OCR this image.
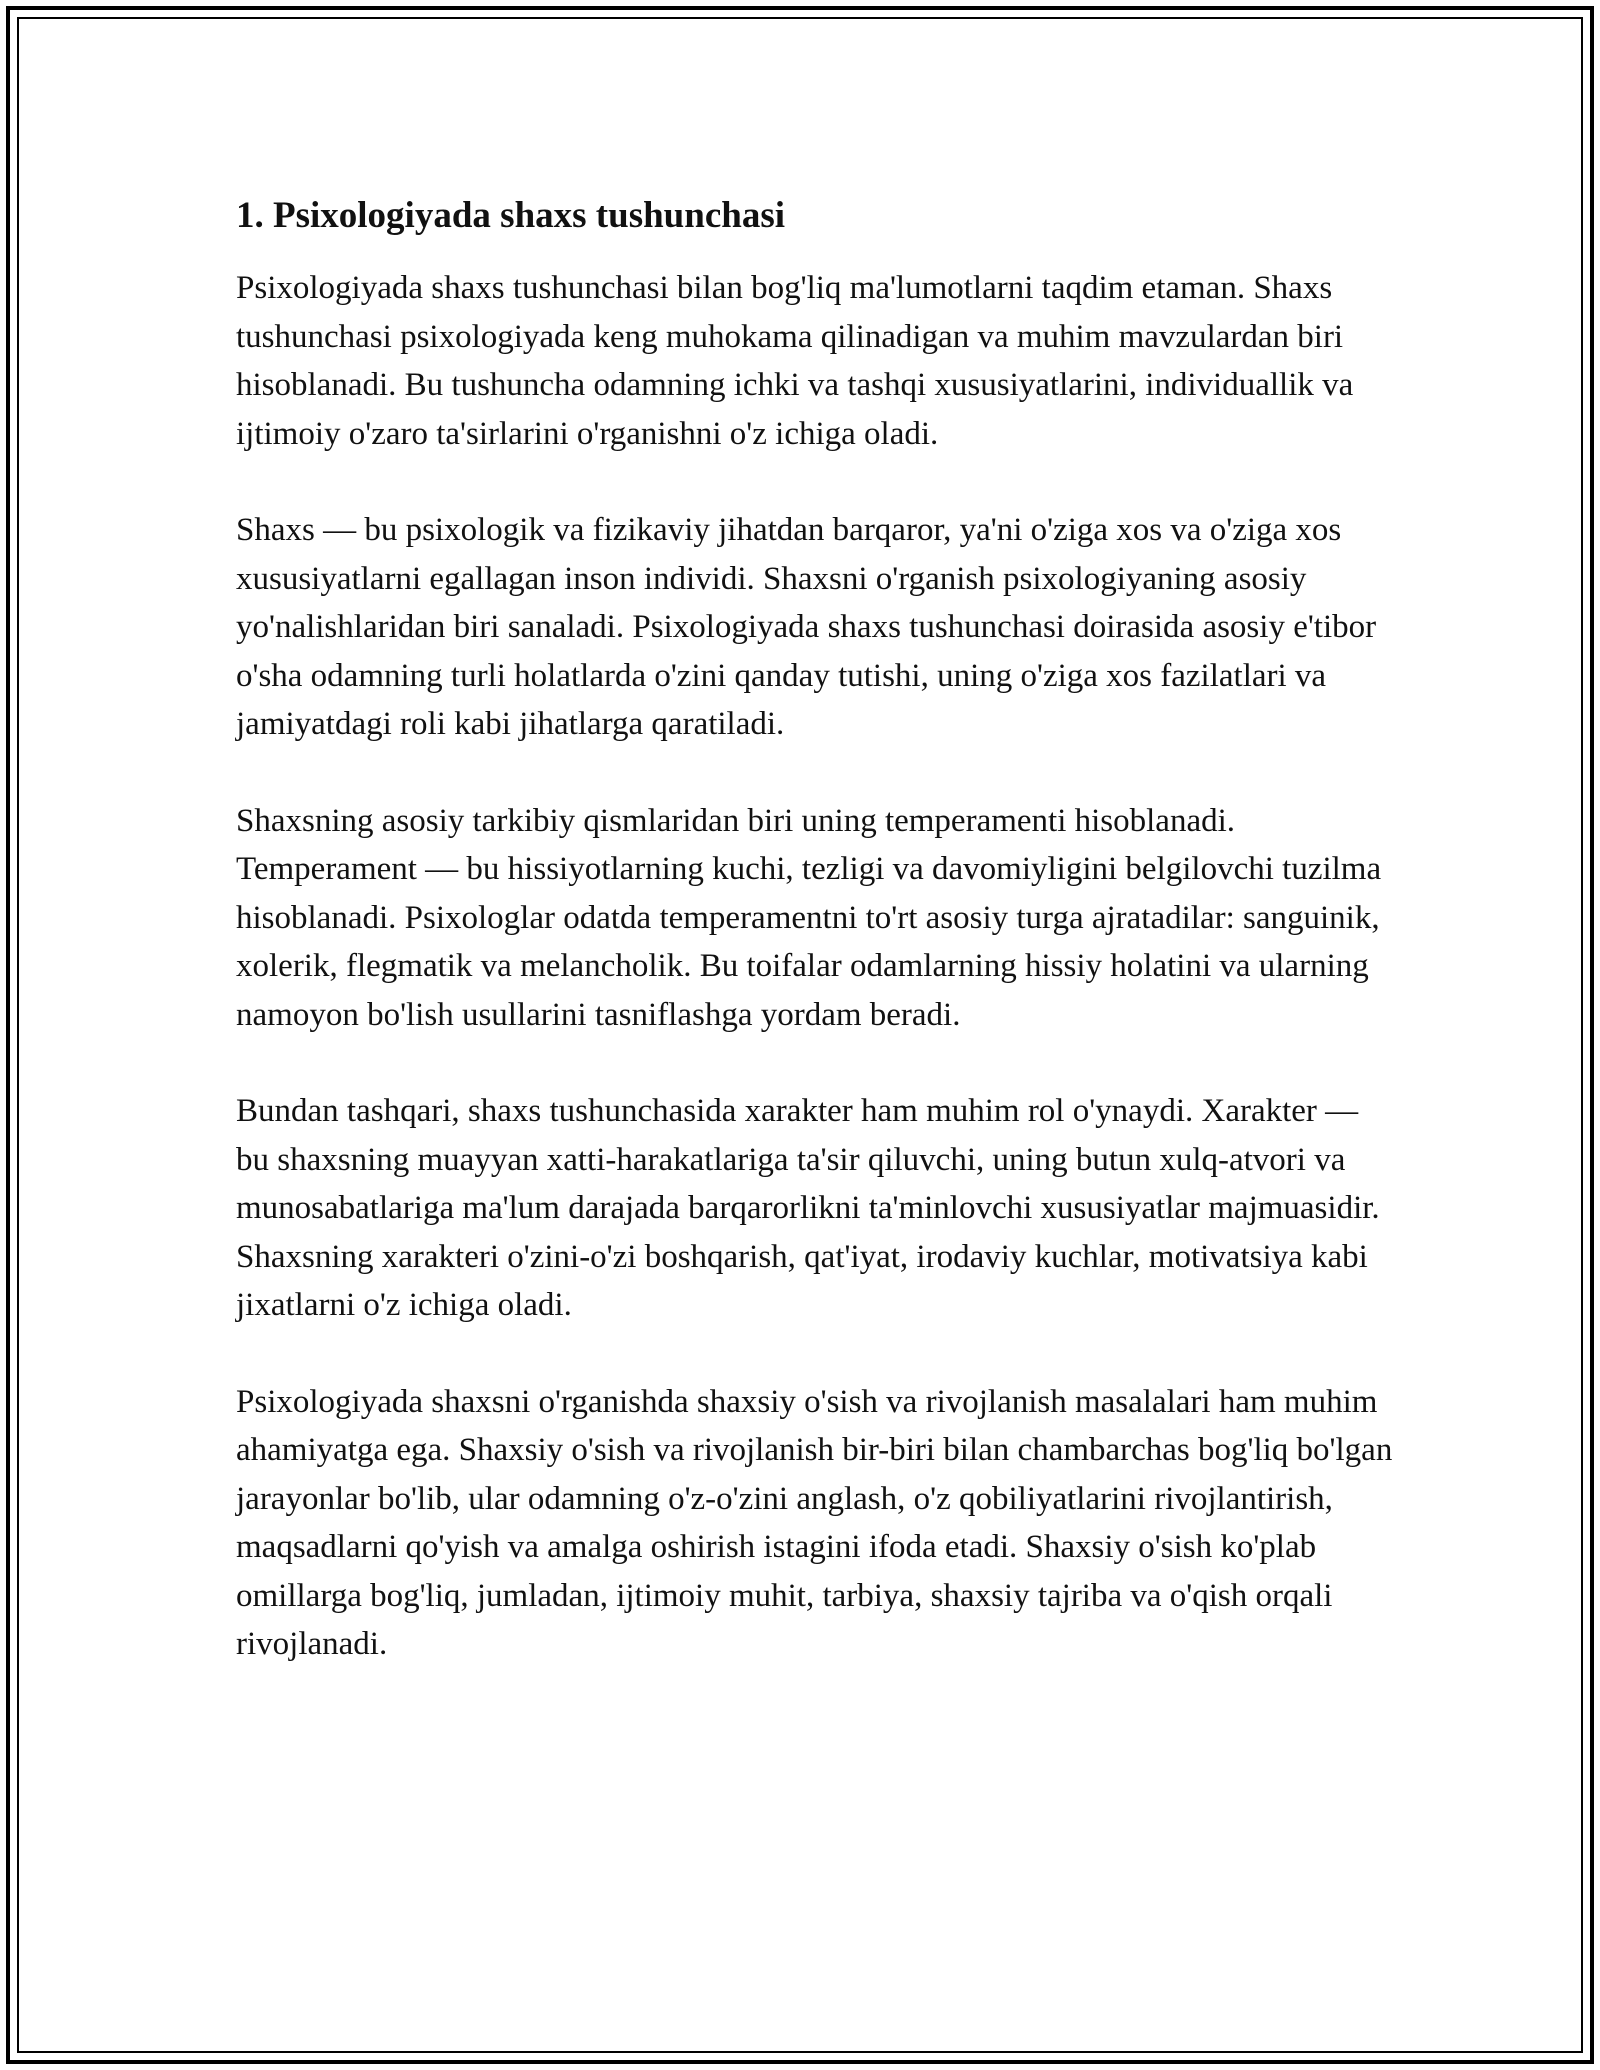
1. Psixologiyada shaxs tushunchasi

Psixologiyada shaxs tushunchasi bilan bog'liq ma'lumotlarni taqdim etaman. Shaxs tushunchasi psixologiyada keng muhokama qilinadigan va muhim mavzulardan biri hisoblanadi. Bu tushuncha odamning ichki va tashqi xususiyatlarini, individuallik va ijtimoiy o'zaro ta'sirlarini o'rganishni o'z ichiga oladi.

Shaxs — bu psixologik va fizikaviy jihatdan barqaror, ya'ni o'ziga xos va o'ziga xos xususiyatlarni egallagan inson individi. Shaxsni o'rganish psixologiyaning asosiy yo'nalishlaridan biri sanaladi. Psixologiyada shaxs tushunchasi doirasida asosiy e'tibor o'sha odamning turli holatlarda o'zini qanday tutishi, uning o'ziga xos fazilatlari va jamiyatdagi roli kabi jihatlarga qaratiladi.

Shaxsning asosiy tarkibiy qismlaridan biri uning temperamenti hisoblanadi. Temperament — bu hissiyotlarning kuchi, tezligi va davomiyligini belgilovchi tuzilma hisoblanadi. Psixologlar odatda temperamentni to'rt asosiy turga ajratadilar: sanguinik, xolerik, flegmatik va melancholik. Bu toifalar odamlarning hissiy holatini va ularning namoyon bo'lish usullarini tasniflashga yordam beradi.

Bundan tashqari, shaxs tushunchasida xarakter ham muhim rol o'ynaydi. Xarakter — bu shaxsning muayyan xatti-harakatlariga ta'sir qiluvchi, uning butun xulq-atvori va munosabatlariga ma'lum darajada barqarorlikni ta'minlovchi xususiyatlar majmuasidir. Shaxsning xarakteri o'zini-o'zi boshqarish, qat'iyat, irodaviy kuchlar, motivatsiya kabi jixatlarni o'z ichiga oladi.

Psixologiyada shaxsni o'rganishda shaxsiy o'sish va rivojlanish masalalari ham muhim ahamiyatga ega. Shaxsiy o'sish va rivojlanish bir-biri bilan chambarchas bog'liq bo'lgan jarayonlar bo'lib, ular odamning o'z-o'zini anglash, o'z qobiliyatlarini rivojlantirish, maqsadlarni qo'yish va amalga oshirish istagini ifoda etadi. Shaxsiy o'sish ko'plab omillarga bog'liq, jumladan, ijtimoiy muhit, tarbiya, shaxsiy tajriba va o'qish orqali rivojlanadi.
